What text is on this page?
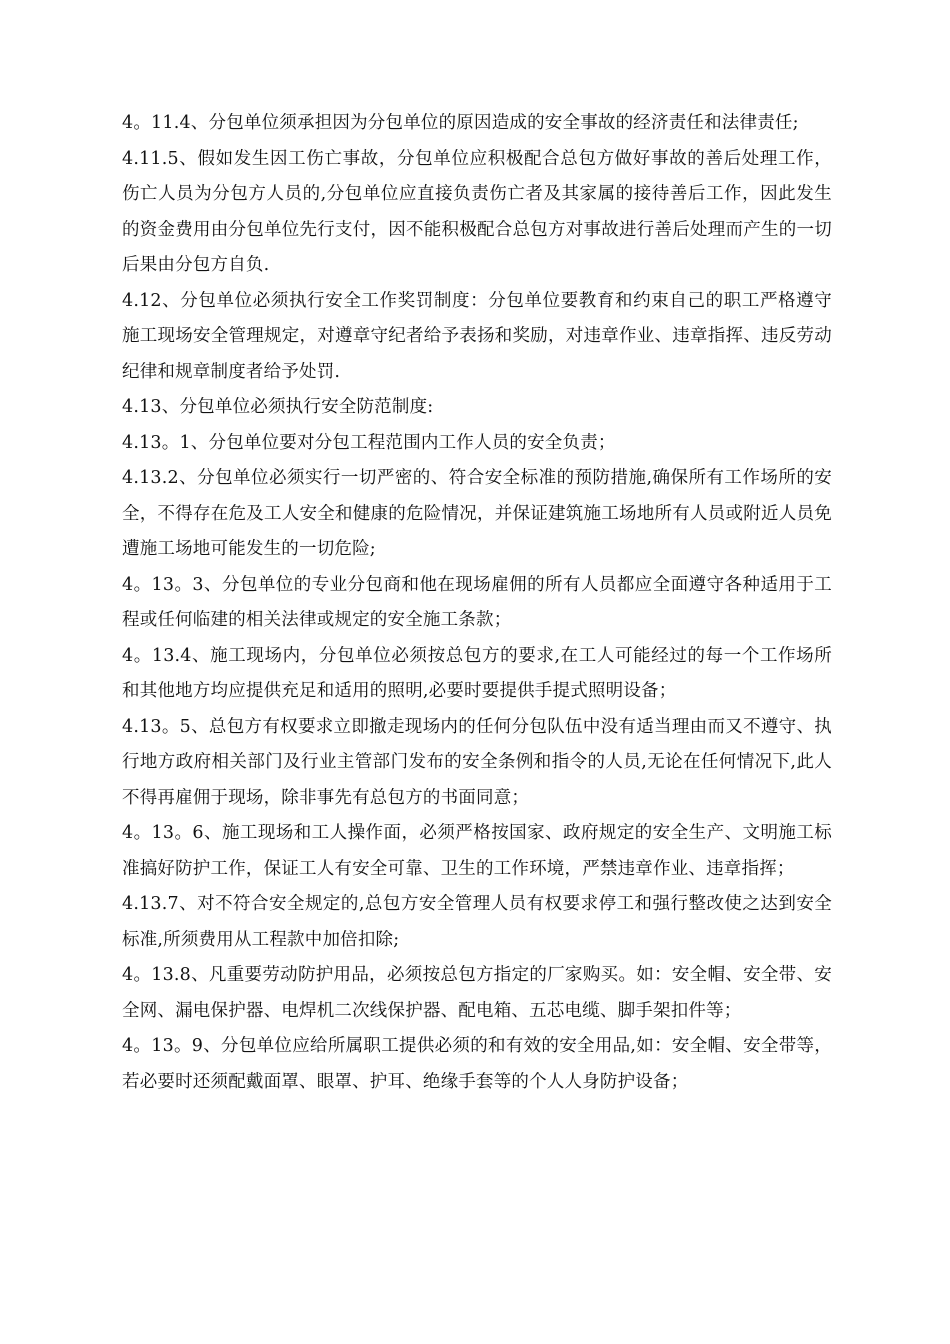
4。11.4、分包单位须承担因为分包单位的原因造成的安全事故的经济责任和法律责任;

4.11.5、假如发生因工伤亡事故，分包单位应积极配合总包方做好事故的善后处理工作，伤亡人员为分包方人员的,分包单位应直接负责伤亡者及其家属的接待善后工作，因此发生的资金费用由分包单位先行支付，因不能积极配合总包方对事故进行善后处理而产生的一切后果由分包方自负.

4.12、分包单位必须执行安全工作奖罚制度：分包单位要教育和约束自己的职工严格遵守施工现场安全管理规定，对遵章守纪者给予表扬和奖励，对违章作业、违章指挥、违反劳动纪律和规章制度者给予处罚.

4.13、分包单位必须执行安全防范制度:

4.13。1、分包单位要对分包工程范围内工作人员的安全负责；

4.13.2、分包单位必须实行一切严密的、符合安全标准的预防措施,确保所有工作场所的安全，不得存在危及工人安全和健康的危险情况，并保证建筑施工场地所有人员或附近人员免遭施工场地可能发生的一切危险;

4。13。3、分包单位的专业分包商和他在现场雇佣的所有人员都应全面遵守各种适用于工程或任何临建的相关法律或规定的安全施工条款；

4。13.4、施工现场内，分包单位必须按总包方的要求,在工人可能经过的每一个工作场所和其他地方均应提供充足和适用的照明,必要时要提供手提式照明设备；

4.13。5、总包方有权要求立即撤走现场内的任何分包队伍中没有适当理由而又不遵守、执行地方政府相关部门及行业主管部门发布的安全条例和指令的人员,无论在任何情况下,此人不得再雇佣于现场，除非事先有总包方的书面同意；

4。13。6、施工现场和工人操作面，必须严格按国家、政府规定的安全生产、文明施工标准搞好防护工作，保证工人有安全可靠、卫生的工作环境，严禁违章作业、违章指挥；

4.13.7、对不符合安全规定的,总包方安全管理人员有权要求停工和强行整改使之达到安全标准,所须费用从工程款中加倍扣除;

4。13.8、凡重要劳动防护用品，必须按总包方指定的厂家购买。如：安全帽、安全带、安全网、漏电保护器、电焊机二次线保护器、配电箱、五芯电缆、脚手架扣件等；

4。13。9、分包单位应给所属职工提供必须的和有效的安全用品,如：安全帽、安全带等，若必要时还须配戴面罩、眼罩、护耳、绝缘手套等的个人人身防护设备；
